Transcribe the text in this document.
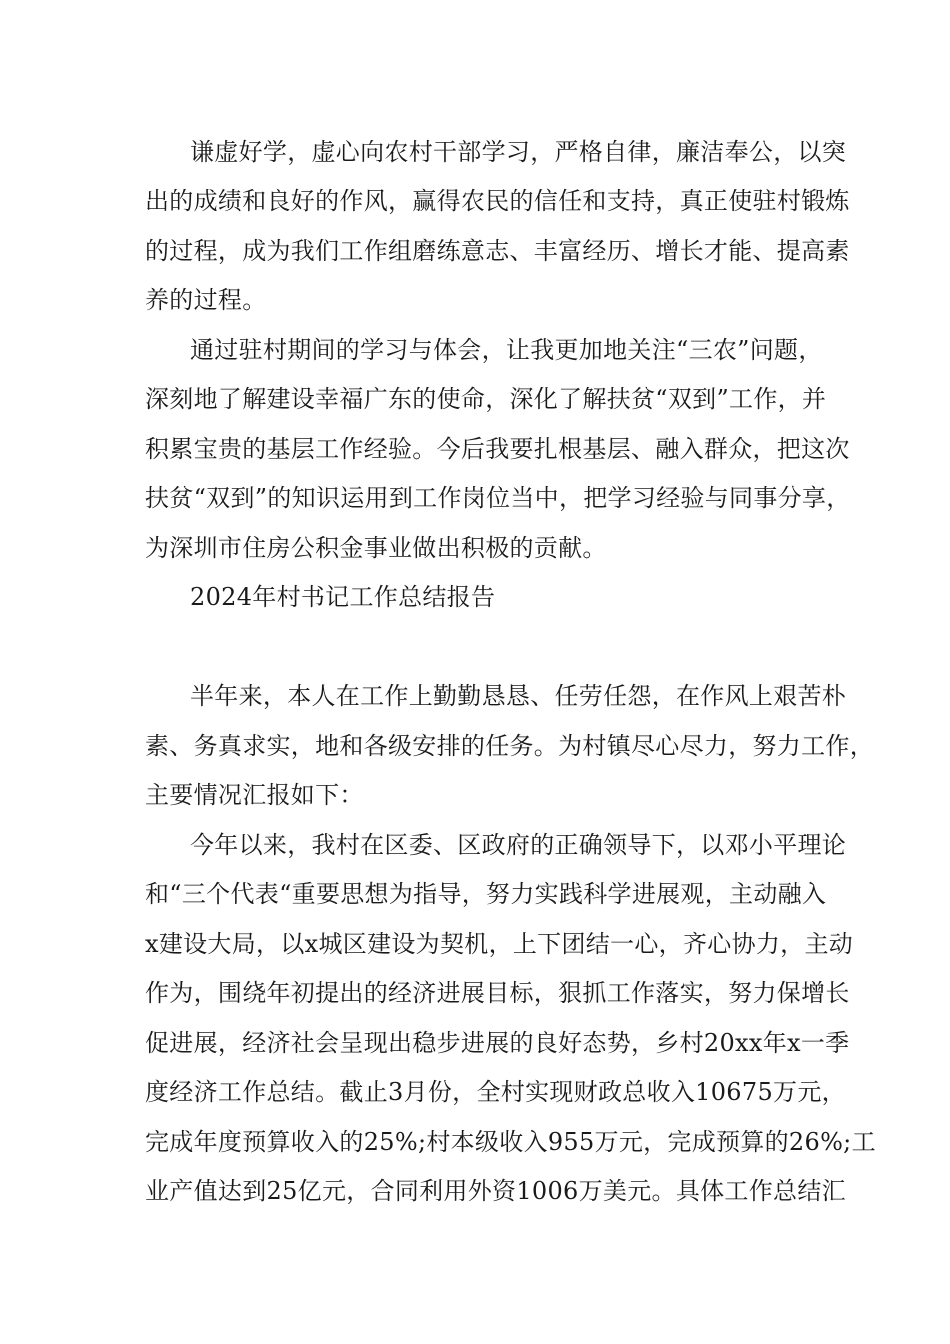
谦虚好学，虚心向农村干部学习，严格自律，廉洁奉公，以突
出的成绩和良好的作风，赢得农民的信任和支持，真正使驻村锻炼
的过程，成为我们工作组磨练意志、丰富经历、增长才能、提高素
养的过程。
通过驻村期间的学习与体会，让我更加地关注“三农”问题，
深刻地了解建设幸福广东的使命，深化了解扶贫“双到”工作，并
积累宝贵的基层工作经验。今后我要扎根基层、融入群众，把这次
扶贫“双到”的知识运用到工作岗位当中，把学习经验与同事分享，
为深圳市住房公积金事业做出积极的贡献。
2024年村书记工作总结报告
半年来，本人在工作上勤勤恳恳、任劳任怨，在作风上艰苦朴
素、务真求实，地和各级安排的任务。为村镇尽心尽力，努力工作，
主要情况汇报如下：
今年以来，我村在区委、区政府的正确领导下，以邓小平理论
和“三个代表“重要思想为指导，努力实践科学进展观，主动融入
x建设大局，以x城区建设为契机，上下团结一心，齐心协力，主动
作为，围绕年初提出的经济进展目标，狠抓工作落实，努力保增长
促进展，经济社会呈现出稳步进展的良好态势，乡村20xx年x一季
度经济工作总结。截止3月份，全村实现财政总收入10675万元，
完成年度预算收入的25%;村本级收入955万元，完成预算的26%;工
业产值达到25亿元，合同利用外资1006万美元。具体工作总结汇
